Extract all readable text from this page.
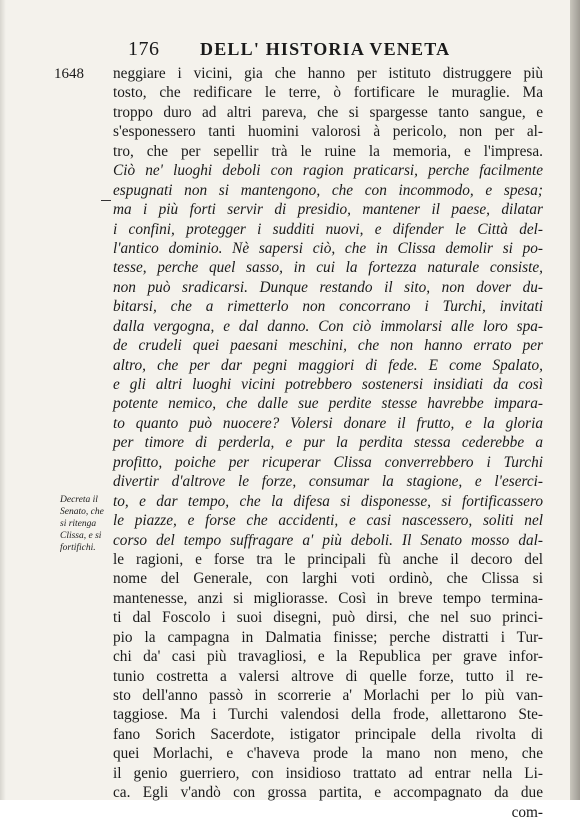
176 DELL' HISTORIA VENETA
1648 neggiare i vicini, gia che hanno per istituto distruggere più
tosto, che redificare le terre, ò fortificare le muraglie. Ma
troppo duro ad altri pareva, che si spargesse tanto sangue, e
s'esponessero tanti huomini valorosi à pericolo, non per al-
tro, che per sepellir trà le ruine la memoria, e l'impresa.
Ciò ne' luoghi deboli con ragion praticarsi, perche facilmente
espugnati non si mantengono, che con incommodo, e spesa;
ma i più forti servir di presidio, mantener il paese, dilatar
i confini, protegger i sudditi nuovi, e difender le Città del-
l'antico dominio. Nè sapersi ciò, che in Clissa demolir si po-
tesse, perche quel sasso, in cui la fortezza naturale consiste,
non può sradicarsi. Dunque restando il sito, non dover du-
bitarsi, che a rimetterlo non concorrano i Turchi, invitati
dalla vergogna, e dal danno. Con ciò immolarsi alle loro spa-
de crudeli quei paesani meschini, che non hanno errato per
altro, che per dar pegni maggiori di fede. E come Spalato,
e gli altri luoghi vicini potrebbero sostenersi insidiati da così
potente nemico, che dalle sue perdite stesse havrebbe impara-
to quanto può nuocere? Volersi donare il frutto, e la gloria
per timore di perderla, e pur la perdita stessa cederebbe a
profitto, poiche per ricuperar Clissa converrebbero i Turchi
divertir d'altrove le forze, consumar la stagione, e l'eserci-
to, e dar tempo, che la difesa si disponesse, si fortificassero
le piazze, e forse che accidenti, e casi nascessero, soliti nel
corso del tempo suffragare a' più deboli. Il Senato mosso dal-
le ragioni, e forse tra le principali fù anche il decoro del
nome del Generale, con larghi voti ordinò, che Clissa si
mantenesse, anzi si migliorasse. Così in breve tempo termina-
ti dal Foscolo i suoi disegni, può dirsi, che nel suo princi-
pio la campagna in Dalmatia finisse; perche distratti i Tur-
chi da' casi più travagliosi, e la Republica per grave infor-
tunio costretta a valersi altrove di quelle forze, tutto il re-
sto dell'anno passò in scorrerie a' Morlachi per lo più van-
taggiose. Ma i Turchi valendosi della frode, allettarono Ste-
fano Sorich Sacerdote, istigator principale della rivolta di
quei Morlachi, e c'haveva prode la mano non meno, che
il genio guerriero, con insidioso trattato ad entrar nella Li-
ca. Egli v'andò con grossa partita, e accompagnato da due
com-
Decreta il
Senato, che
si ritenga
Clissa, e si
fortifichi.
